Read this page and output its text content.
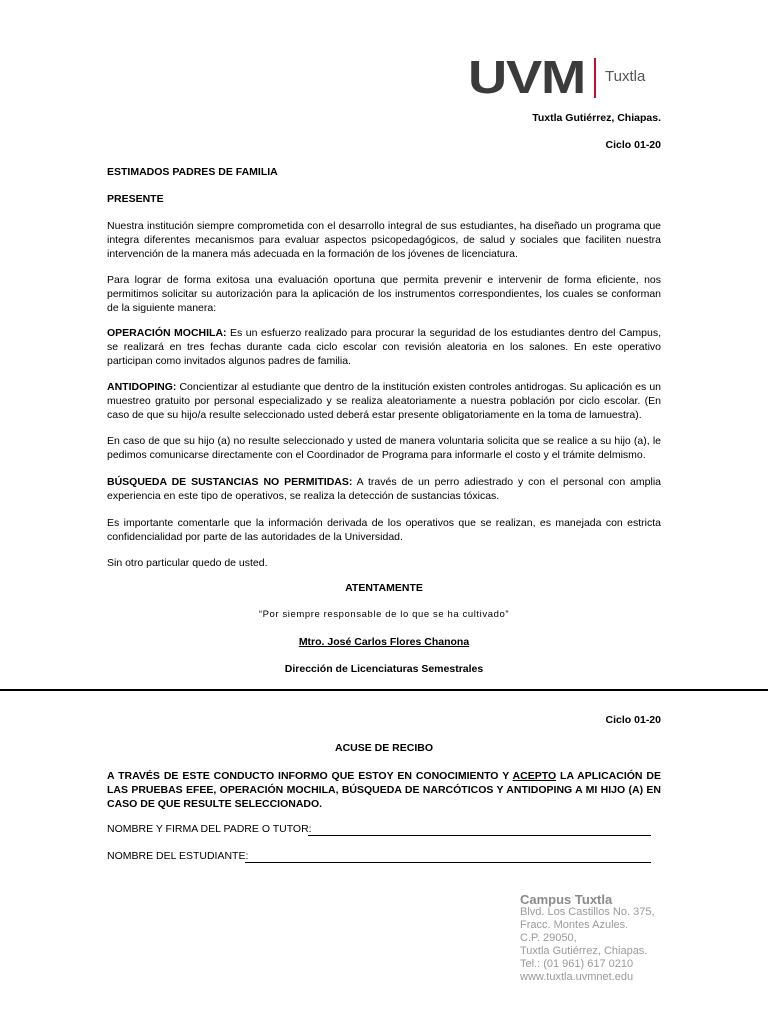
UVM Tuxtla
Tuxtla Gutiérrez, Chiapas.
Ciclo 01-20
ESTIMADOS PADRES DE FAMILIA
PRESENTE
Nuestra institución siempre comprometida con el desarrollo integral de sus estudiantes, ha diseñado un programa que integra diferentes mecanismos para evaluar aspectos psicopedagógicos, de salud y sociales que faciliten nuestra intervención de la manera más adecuada en la formación de los jóvenes de licenciatura.
Para lograr de forma exitosa una evaluación oportuna que permita prevenir e intervenir de forma eficiente, nos permitimos solicitar su autorización para la aplicación de los instrumentos correspondientes, los cuales se conforman de la siguiente manera:
OPERACIÓN MOCHILA: Es un esfuerzo realizado para procurar la seguridad de los estudiantes dentro del Campus, se realizará en tres fechas durante cada ciclo escolar con revisión aleatoria en los salones. En este operativo participan como invitados algunos padres de familia.
ANTIDOPING: Concientizar al estudiante que dentro de la institución existen controles antidrogas. Su aplicación es un muestreo gratuito por personal especializado y se realiza aleatoriamente a nuestra población por ciclo escolar. (En caso de que su hijo/a resulte seleccionado usted deberá estar presente obligatoriamente en la toma de lamuestra).
En caso de que su hijo (a) no resulte seleccionado y usted de manera voluntaria solicita que se realice a su hijo (a), le pedimos comunicarse directamente con el Coordinador de Programa para informarle el costo y el trámite delmismo.
BÚSQUEDA DE SUSTANCIAS NO PERMITIDAS: A través de un perro adiestrado y con el personal con amplia experiencia en este tipo de operativos, se realiza la detección de sustancias tóxicas.
Es importante comentarle que la información derivada de los operativos que se realizan, es manejada con estricta confidencialidad por parte de las autoridades de la Universidad.
Sin otro particular quedo de usted.
ATENTAMENTE
“Por siempre responsable de lo que se ha cultivado”
Mtro. José Carlos Flores Chanona
Dirección de Licenciaturas Semestrales
Ciclo 01-20
ACUSE DE RECIBO
A TRAVÉS DE ESTE CONDUCTO INFORMO QUE ESTOY EN CONOCIMIENTO Y ACEPTO LA APLICACIÓN DE LAS PRUEBAS EFEE, OPERACIÓN MOCHILA, BÚSQUEDA DE NARCÓTICOS Y ANTIDOPING A MI HIJO (A) EN CASO DE QUE RESULTE SELECCIONADO.
NOMBRE Y FIRMA DEL PADRE O TUTOR:
NOMBRE DEL ESTUDIANTE:
Campus Tuxtla
Blvd. Los Castillos No. 375,
Fracc. Montes Azules.
C.P. 29050,
Tuxtla Gutiérrez, Chiapas.
Tel.: (01 961) 617 0210
www.tuxtla.uvmnet.edu
